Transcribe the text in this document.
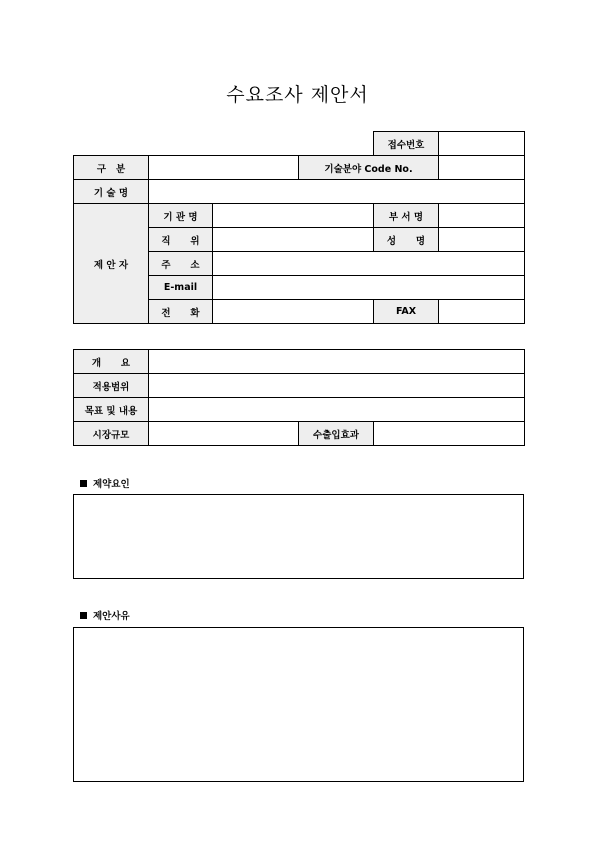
수요조사 제안서
				접수번호	
구   분			기술분야 Code No.		
기 술 명					
제 안 자	기 관 명			부 서 명	
	직      위			성      명	
	주      소				
	E-mail				
	전      화			FAX	
개      요			
적용범위			
목표 및 내용			
시장규모		수출입효과	
제약요인
제안사유
